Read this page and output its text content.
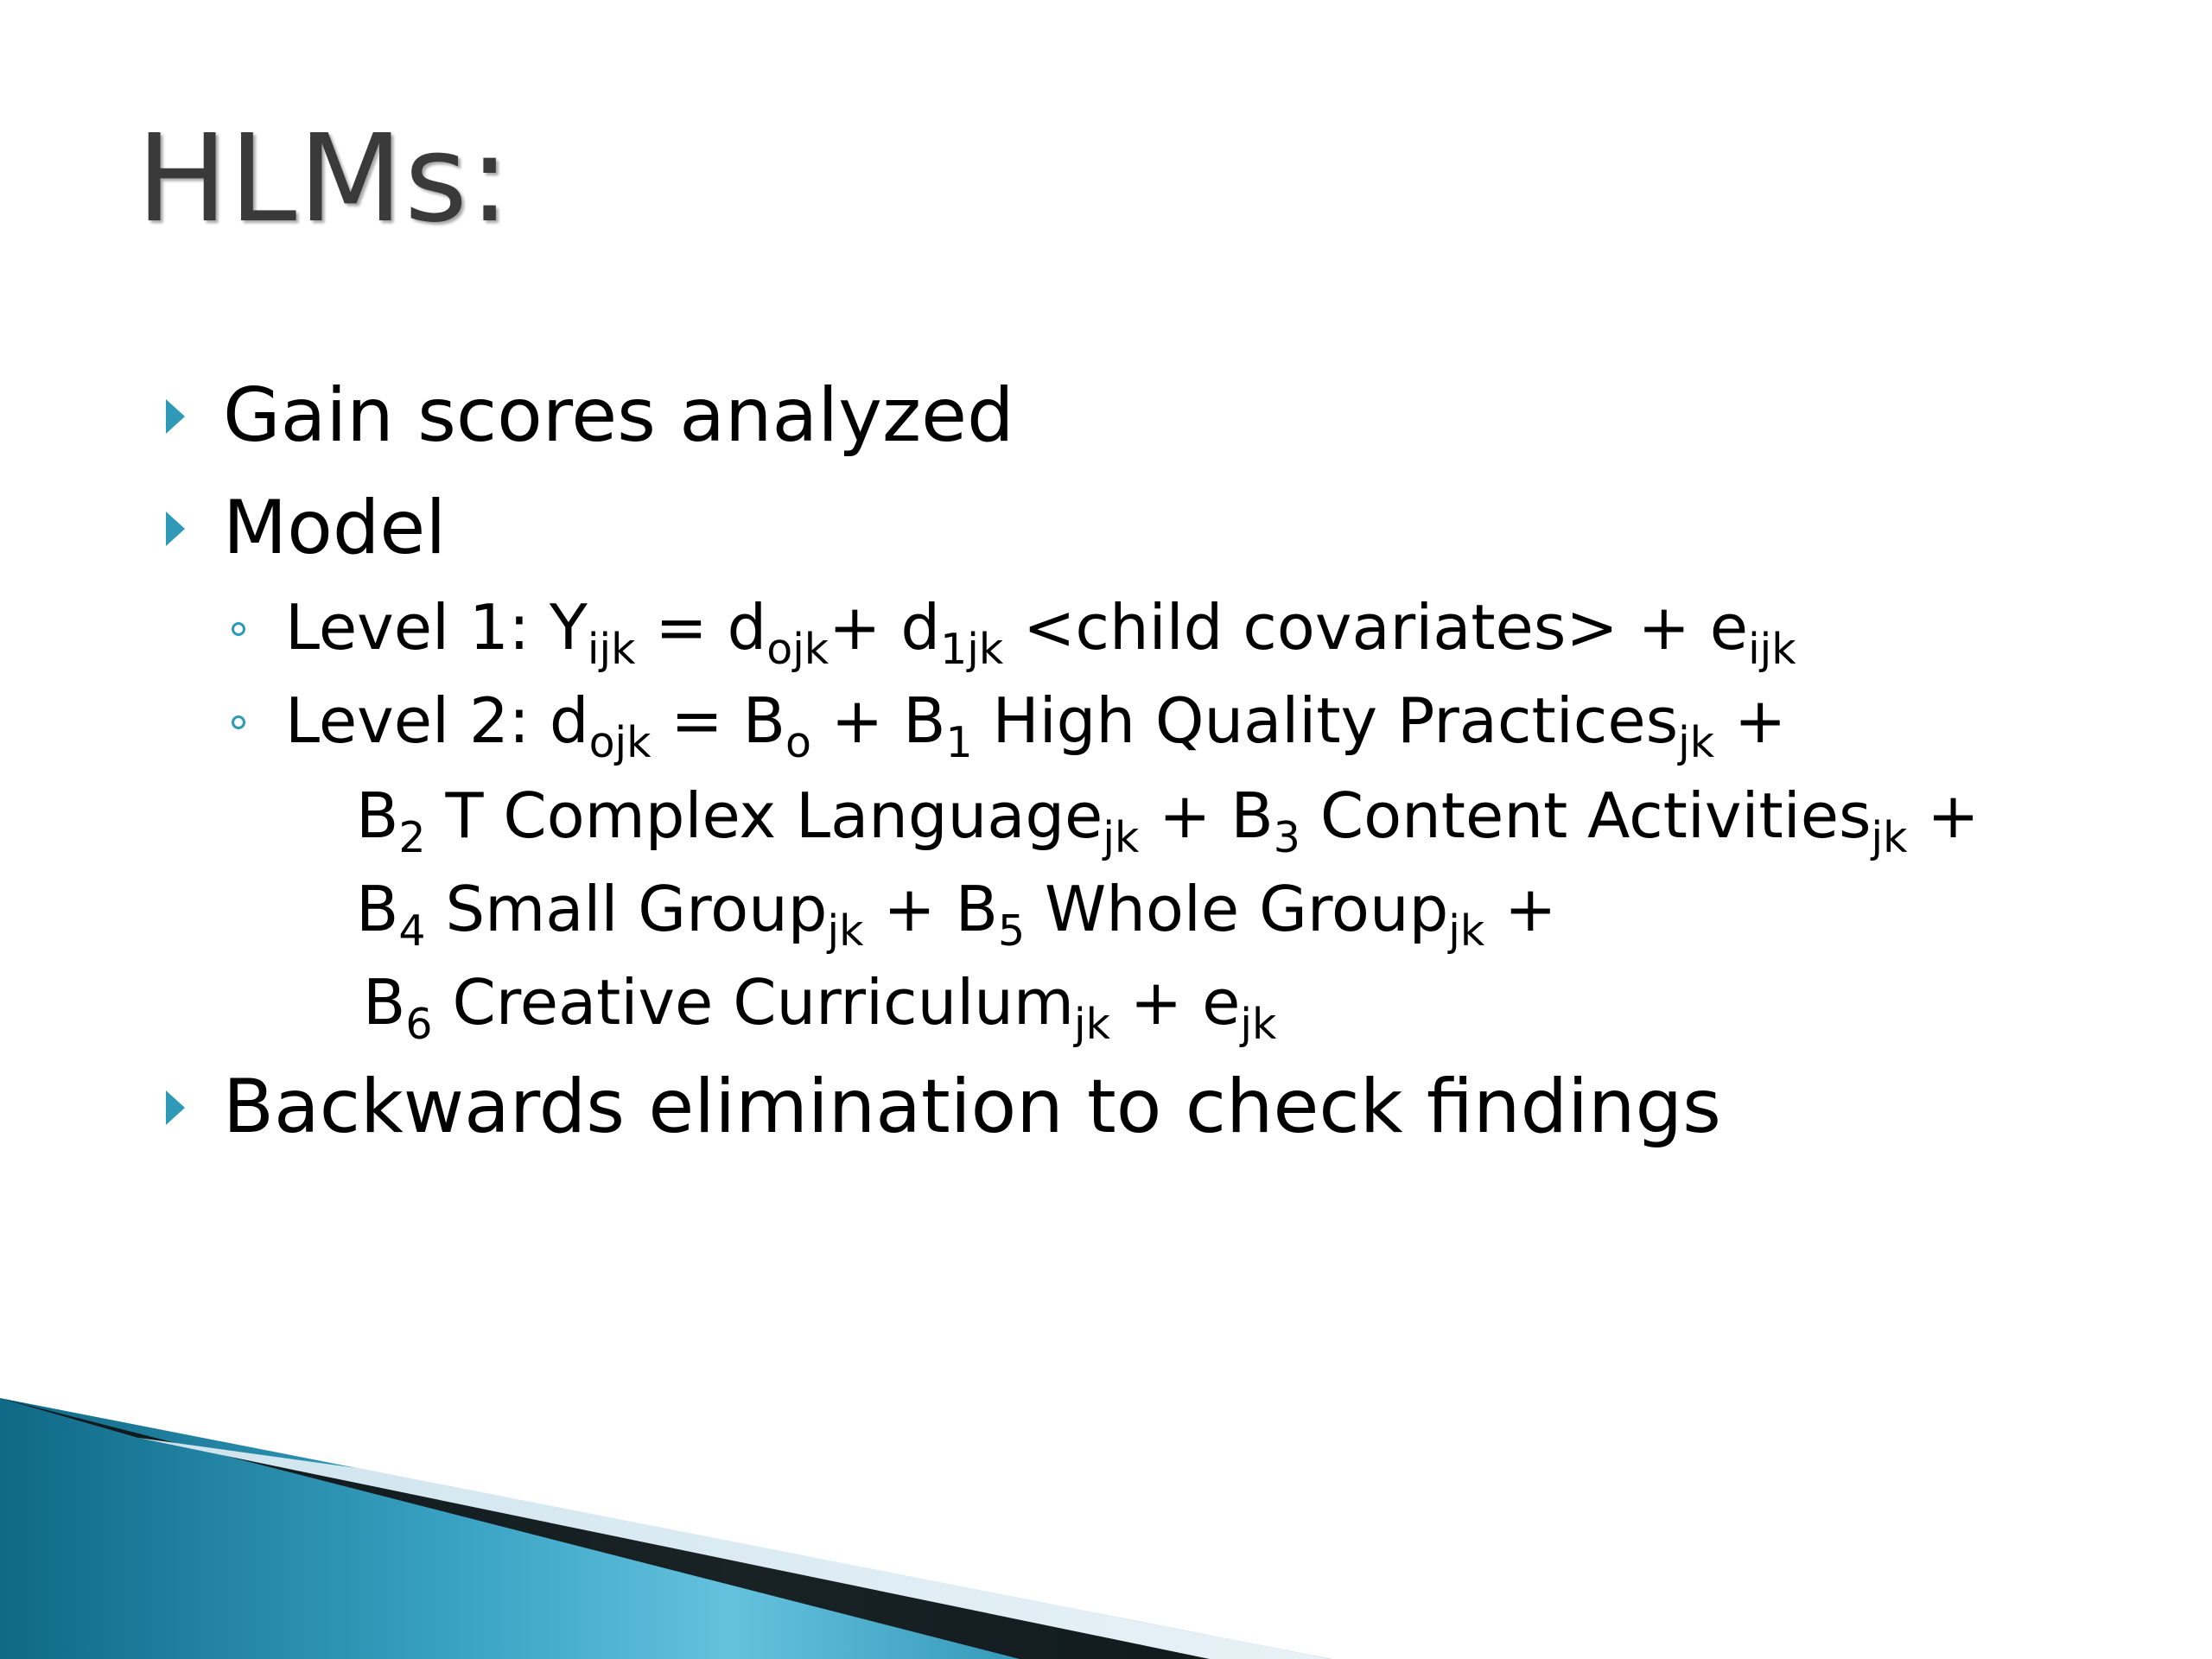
HLMs:
Gain scores analyzed
Model
Level 1: $Y_{ijk} = d_{ojk}+ d_{1jk}$ <child covariates> + $e_{ijk}$
Level 2: $d_{ojk} = B_o + B_1$ High Quality Practices$_{jk}$ +
$B_2$ T Complex Language$_{jk}$ + $B_3$ Content Activities$_{jk}$ +
$B_4$ Small Group$_{jk}$ + $B_5$ Whole Group$_{jk}$ +
$B_6$ Creative Curriculum$_{jk}$ + $e_{jk}$
Backwards elimination to check findings
